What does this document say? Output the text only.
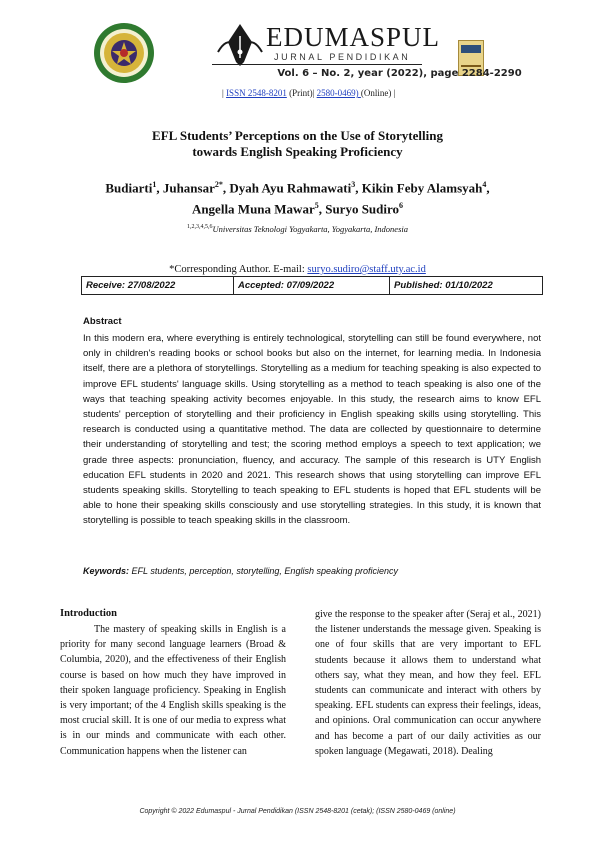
EDUMASPUL
JURNAL PENDIDIKAN
Vol. 6 – No. 2, year (2022), page 2284-2290
| ISSN 2548-8201 (Print)| 2580-0469) (Online) |
EFL Students’ Perceptions on the Use of Storytelling
towards English Speaking Proficiency
Budiarti$^1$, Juhansar$^{2*}$, Dyah Ayu Rahmawati$^3$, Kikin Feby Alamsyah$^4$,
Angella Muna Mawar$^5$, Suryo Sudiro$^6$
$^{1,2,3,4,5,6}$Universitas Teknologi Yogyakarta, Yogyakarta, Indonesia
*Corresponding Author. E-mail: suryo.sudiro@staff.uty.ac.id
Receive: 27/08/2022	Accepted: 07/09/2022	Published: 01/10/2022
Abstract
In this modern era, where everything is entirely technological, storytelling can still be found everywhere, not only in children's reading books or school books but also on the internet, for learning media. In Indonesia itself, there are a plethora of storytellings. Storytelling as a medium for teaching speaking is also expected to improve EFL students' language skills. Using storytelling as a method to teach speaking is also one of the ways that teaching speaking activity becomes enjoyable. In this study, the research aims to know EFL students' perception of storytelling and their proficiency in English speaking skills using storytelling. This research is conducted using a quantitative method. The data are collected by questionnaire to determine their understanding of storytelling and test; the scoring method employs a speech to text application; we grade three aspects: pronunciation, fluency, and accuracy. The sample of this research is UTY English education EFL students in 2020 and 2021. This research shows that using storytelling can improve EFL students speaking skills. Storytelling to teach speaking to EFL students is hoped that EFL students will be able to hone their speaking skills consciously and use storytelling strategies. In this study, it is known that storytelling is possible to teach speaking skills in the classroom.
Keywords: EFL students, perception, storytelling, English speaking proficiency
Introduction
The mastery of speaking skills in English is a priority for many second language learners (Broad & Columbia, 2020), and the effectiveness of their English course is based on how much they have improved in their spoken language proficiency. Speaking in English is very important; of the 4 English skills speaking is the most crucial skill. It is one of our media to express what is in our minds and communicate with each other. Communication happens when the listener can
give the response to the speaker after (Seraj et al., 2021) the listener understands the message given. Speaking is one of four skills that are very important to EFL students because it allows them to understand what others say, what they mean, and how they feel. EFL students can communicate and interact with others by speaking. EFL students can express their feelings, ideas, and opinions. Oral communication can occur anywhere and has become a part of our daily activities as our spoken language (Megawati, 2018). Dealing
Copyright © 2022 Edumaspul - Jurnal Pendidikan (ISSN 2548-8201 (cetak); (ISSN 2580-0469 (online)
